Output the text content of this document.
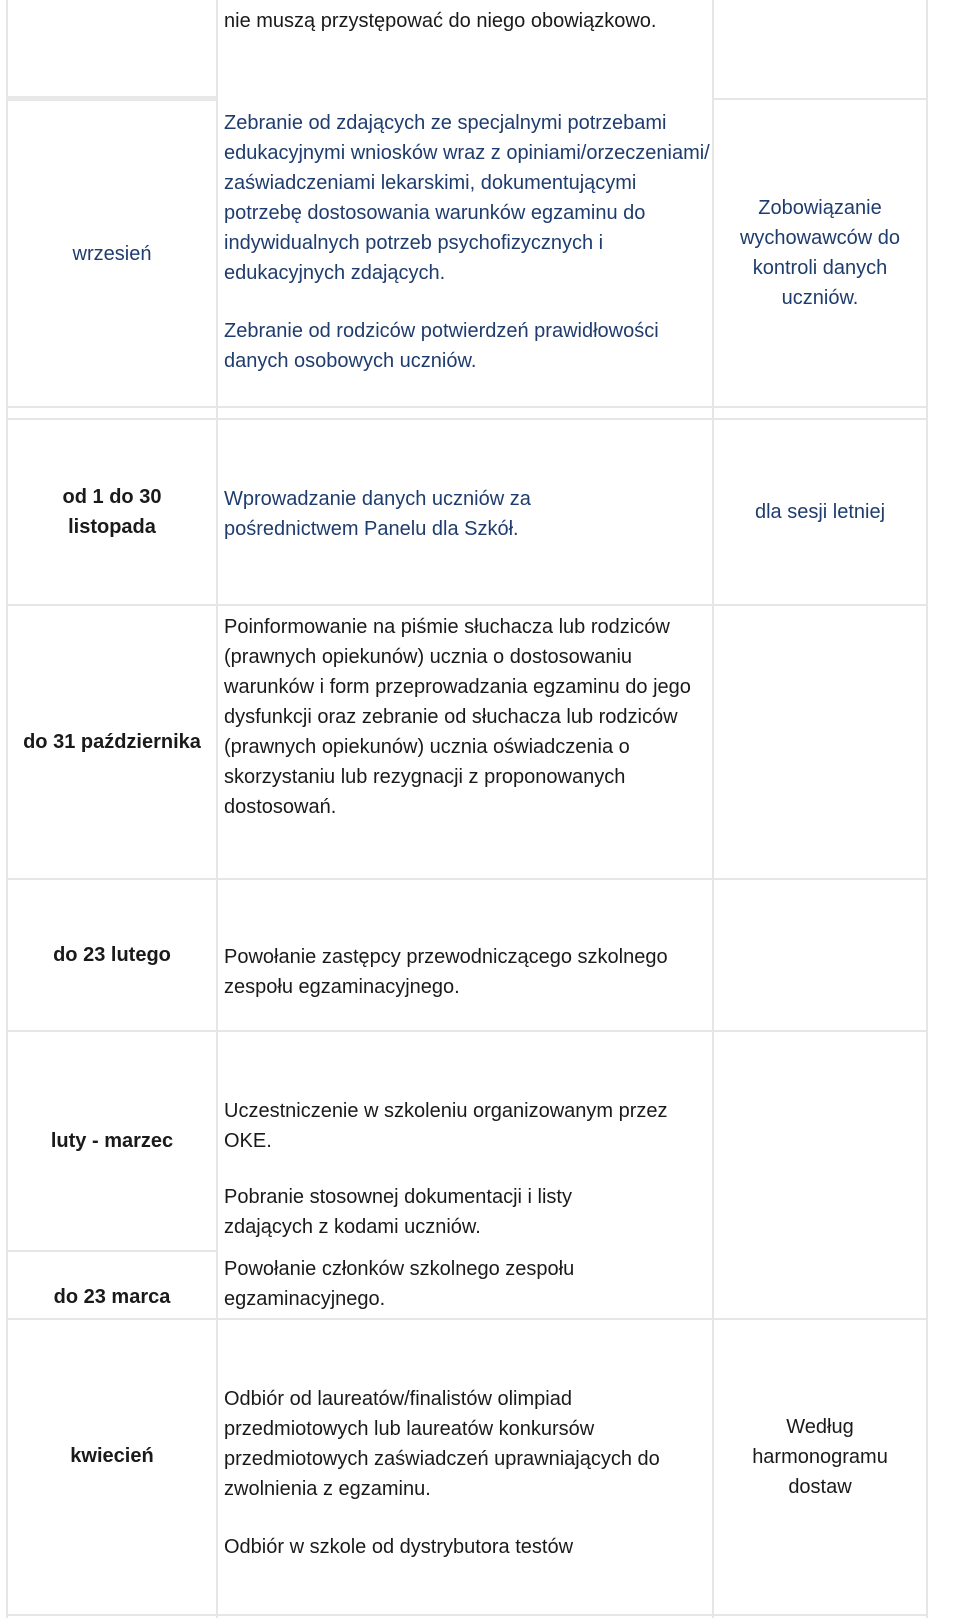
nie muszą przystępować do niego obowiązkowo.

wrzesień

Zebranie od zdających ze specjalnymi potrzebami edukacyjnymi wniosków wraz z opiniami/orzeczeniami/ zaświadczeniami lekarskimi, dokumentującymi potrzebę dostosowania warunków egzaminu do indywidualnych potrzeb psychofizycznych i edukacyjnych zdających.

Zebranie od rodziców potwierdzeń prawidłowości danych osobowych uczniów.

Zobowiązanie wychowawców do kontroli danych uczniów.
od 1 do 30 listopada

Wprowadzanie danych uczniów za pośrednictwem Panelu dla Szkół.

dla sesji letniej
do 31 października

Poinformowanie na piśmie słuchacza lub rodziców (prawnych opiekunów) ucznia o dostosowaniu warunków i form przeprowadzania egzaminu do jego dysfunkcji oraz zebranie od słuchacza lub rodziców (prawnych opiekunów) ucznia oświadczenia o skorzystaniu lub rezygnacji z proponowanych dostosowań.

do 23 lutego	Powołanie zastępcy przewodniczącego szkolnego zespołu egzaminacyjnego.

luty - marzec

Uczestniczenie w szkoleniu organizowanym przez OKE.

Pobranie stosownej dokumentacji i listy zdających z kodami uczniów.

do 23 marca

Powołanie członków szkolnego zespołu egzaminacyjnego.

kwiecień

Odbiór od laureatów/finalistów olimpiad przedmiotowych lub laureatów konkursów przedmiotowych zaświadczeń uprawniających do zwolnienia z egzaminu.

Odbiór w szkole od dystrybutora testów

Według harmonogramu dostaw
